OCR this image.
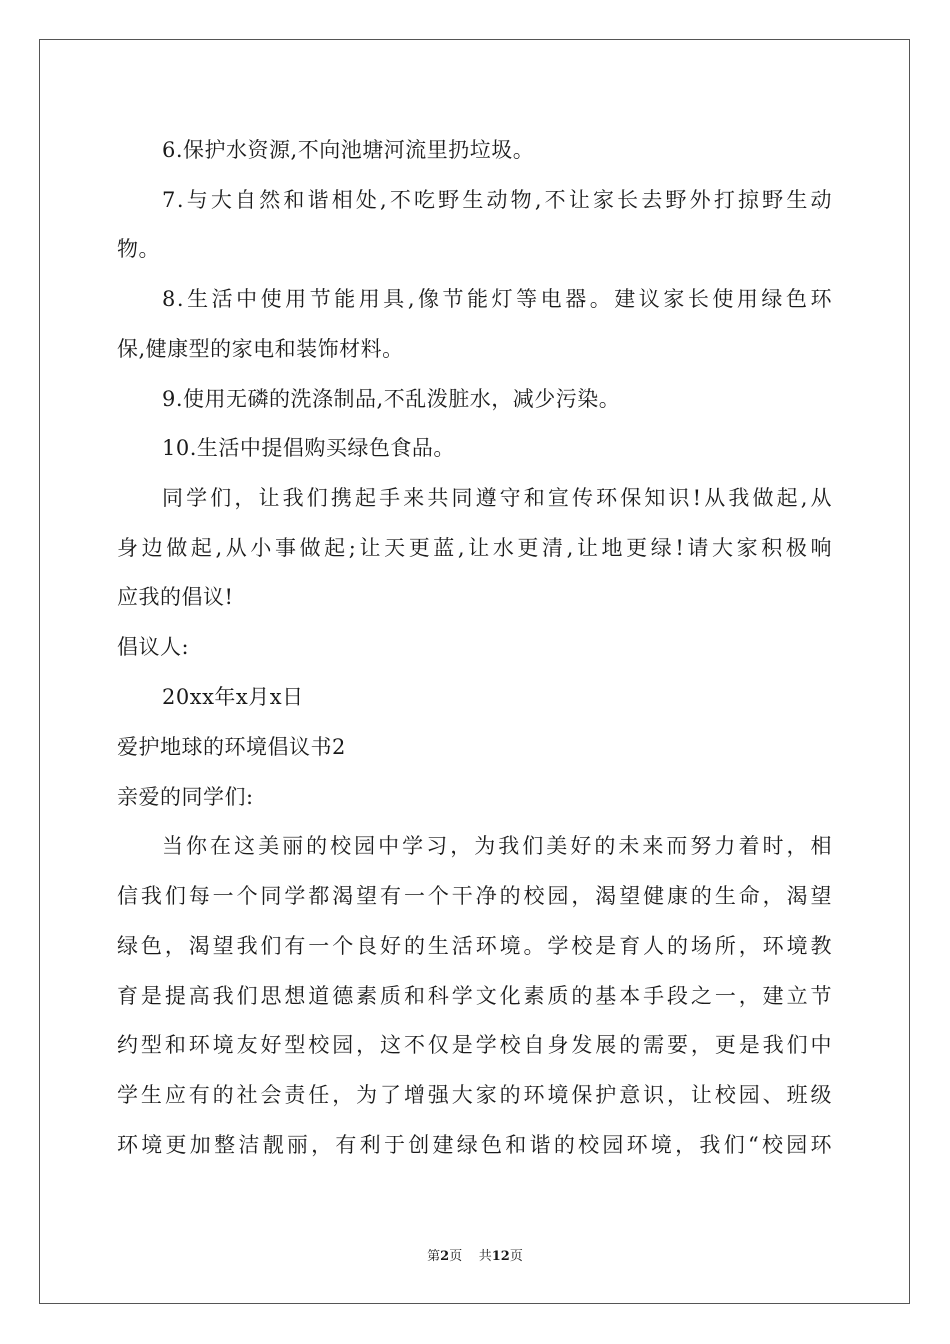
6.保护水资源,不向池塘河流里扔垃圾。
7.与大自然和谐相处,不吃野生动物,不让家长去野外打掠野生动
物。
8.生活中使用节能用具,像节能灯等电器。建议家长使用绿色环
保,健康型的家电和装饰材料。
9.使用无磷的洗涤制品,不乱泼脏水，减少污染。
10.生活中提倡购买绿色食品。
同学们，让我们携起手来共同遵守和宣传环保知识!从我做起,从
身边做起,从小事做起;让天更蓝,让水更清,让地更绿!请大家积极响
应我的倡议!
倡议人:
20xx年x月x日
爱护地球的环境倡议书2
亲爱的同学们:
当你在这美丽的校园中学习，为我们美好的未来而努力着时，相
信我们每一个同学都渴望有一个干净的校园，渴望健康的生命，渴望
绿色，渴望我们有一个良好的生活环境。学校是育人的场所，环境教
育是提高我们思想道德素质和科学文化素质的基本手段之一，建立节
约型和环境友好型校园，这不仅是学校自身发展的需要，更是我们中
学生应有的社会责任，为了增强大家的环境保护意识，让校园、班级
环境更加整洁靓丽，有利于创建绿色和谐的校园环境，我们“校园环
第2页 共12页
